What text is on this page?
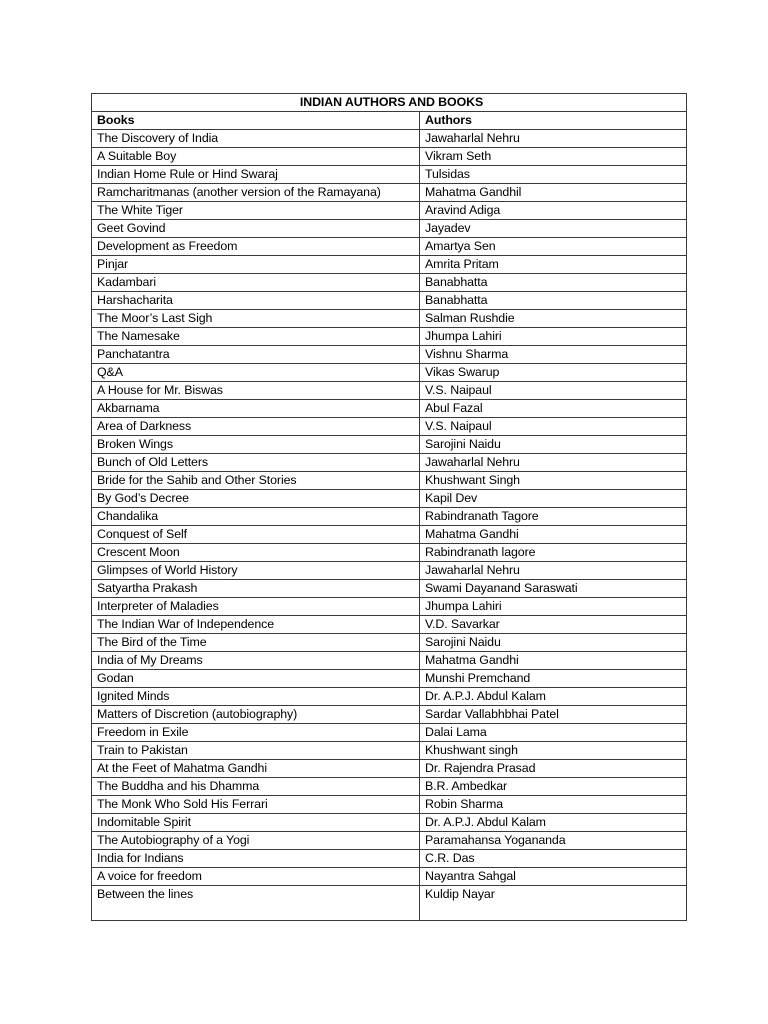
INDIAN AUTHORS AND BOOKS	
Books	Authors
The Discovery of India	Jawaharlal Nehru
A Suitable Boy	Vikram Seth
Indian Home Rule or Hind Swaraj	Tulsidas
Ramcharitmanas (another version of the Ramayana)	Mahatma Gandhil
The White Tiger	Aravind Adiga
Geet Govind	Jayadev
Development as Freedom	Amartya Sen
Pinjar	Amrita Pritam
Kadambari	Banabhatta
Harshacharita	Banabhatta
The Moor’s Last Sigh	Salman Rushdie
The Namesake	Jhumpa Lahiri
Panchatantra	Vishnu Sharma
Q&A	Vikas Swarup
A House for Mr. Biswas	V.S. Naipaul
Akbarnama	Abul Fazal
Area of Darkness	V.S. Naipaul
Broken Wings	Sarojini Naidu
Bunch of Old Letters	Jawaharlal Nehru
Bride for the Sahib and Other Stories	Khushwant Singh
By God’s Decree	Kapil Dev
Chandalika	Rabindranath Tagore
Conquest of Self	Mahatma Gandhi
Crescent Moon	Rabindranath lagore
Glimpses of World History	Jawaharlal Nehru
Satyartha Prakash	Swami Dayanand Saraswati
Interpreter of Maladies	Jhumpa Lahiri
The Indian War of Independence	V.D. Savarkar
The Bird of the Time	Sarojini Naidu
India of My Dreams	Mahatma Gandhi
Godan	Munshi Premchand
Ignited Minds	Dr. A.P.J. Abdul Kalam
Matters of Discretion (autobiography)	Sardar Vallabhbhai Patel
Freedom in Exile	Dalai Lama
Train to Pakistan	Khushwant singh
At the Feet of Mahatma Gandhi	Dr. Rajendra Prasad
The Buddha and his Dhamma	B.R. Ambedkar
The Monk Who Sold His Ferrari	Robin Sharma
Indomitable Spirit	Dr. A.P.J. Abdul Kalam
The Autobiography of a Yogi	Paramahansa Yogananda
India for Indians	C.R. Das
A voice for freedom	Nayantra Sahgal
Between the lines	Kuldip Nayar
